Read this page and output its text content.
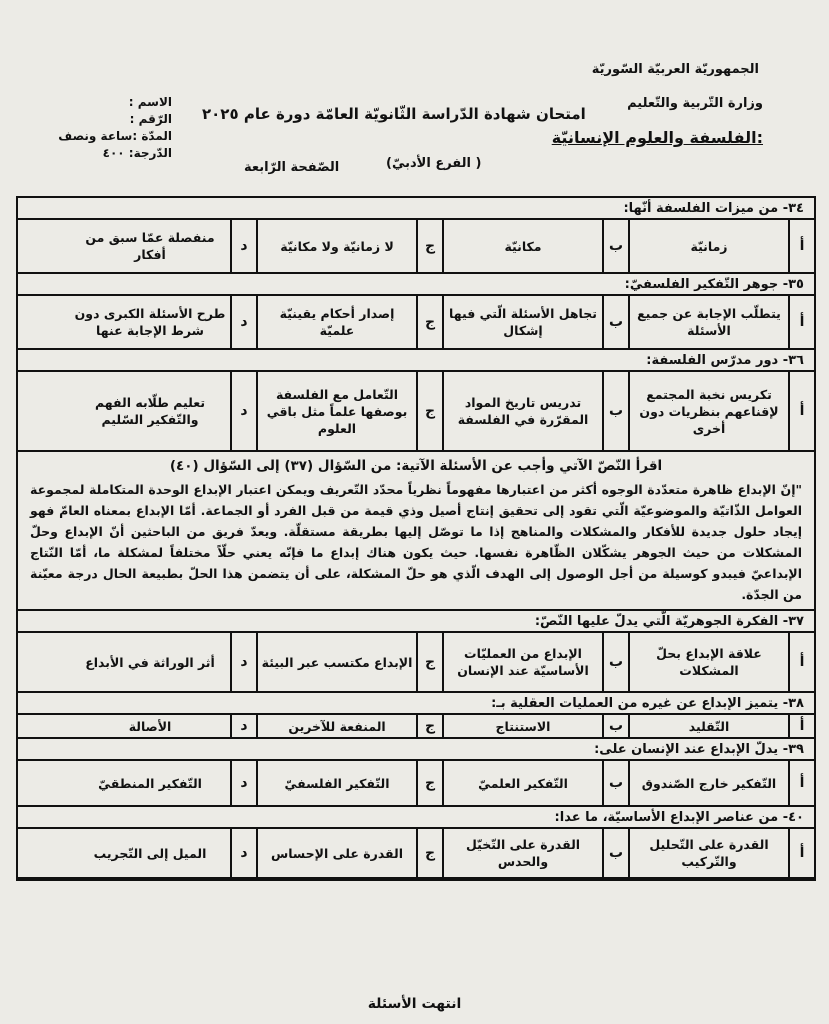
الجمهوريّة العربيّة السّوريّة
وزارة التّربية والتّعليم
امتحان شهادة الدّراسة الثّانويّة العامّة دورة عام ٢٠٢٥
الفلسفة والعلوم الإنسانيّة:
(الفرع الأدبيّ )
الصّفحة الرّابعة
الاسم :
الرّقم :
المدّة :ساعة ونصف
الدّرجة: ٤٠٠
٣٤- من ميزات الفلسفة أنّها:
أ
زمانيّة
ب
مكانيّة
ج
لا زمانيّة ولا مكانيّة
د
منفصلة عمّا سبق من أفكار
٣٥- جوهر التّفكير الفلسفيّ:
أ
يتطلّب الإجابة عن جميع الأسئلة
ب
تجاهل الأسئلة الّتي فيها إشكال
ج
إصدار أحكام يقينيّة علميّة
د
طرح الأسئلة الكبرى دون شرط الإجابة عنها
٣٦- دور مدرّس الفلسفة:
أ
تكريس نخبة المجتمع لإقناعهم بنظريات دون أخرى
ب
تدريس تاريخ المواد المقرّرة في الفلسفة
ج
التّعامل مع الفلسفة بوصفها علماً مثل باقي العلوم
د
تعليم طلّابه الفهم والتّفكير السّليم
اقرأ النّصّ الآتي وأجب عن الأسئلة الآتية: من السّؤال (٣٧) إلى السّؤال (٤٠)
"إنّ الإبداع ظاهرة متعدّدة الوجوه أكثر من اعتبارها مفهوماً نظرياً محدّد التّعريف ويمكن اعتبار الإبداع الوحدة المتكاملة لمجموعة العوامل الذّاتيّة والموضوعيّة الّتي تقود إلى تحقيق إنتاج أصيل وذي قيمة من قبل الفرد أو الجماعة. أمّا الإبداع بمعناه العامّ فهو إيجاد حلول جديدة للأفكار والمشكلات والمناهج إذا ما توصّل إليها بطريقة مستقلّة. ويعدّ فريق من الباحثين أنّ الإبداع وحلّ المشكلات من حيث الجوهر يشكّلان الظّاهرة نفسها. حيث يكون هناك إبداع ما فإنّه يعني حلّاً مختلفاً لمشكلة ما، أمّا النّتاج الإبداعيّ فيبدو كوسيلة من أجل الوصول إلى الهدف الّذي هو حلّ المشكلة، على أن يتضمن هذا الحلّ بطبيعة الحال درجة معيّنة من الجدّة.
٣٧- الفكرة الجوهريّة الّتي يدلّ عليها النّصّ:
أ
علاقة الإبداع بحلّ المشكلات
ب
الإبداع من العمليّات الأساسيّة عند الإنسان
ج
الإبداع مكتسب عبر البيئة
د
أثر الوراثة في الأبداع
٣٨- يتميز الإبداع عن غيره من العمليات العقلية بـ:
أ
التّقليد
ب
الاستنتاج
ج
المنفعة للآخرين
د
الأصالة
٣٩- يدلّ الإبداع عند الإنسان على:
أ
التّفكير خارج الصّندوق
ب
التّفكير العلميّ
ج
التّفكير الفلسفيّ
د
التّفكير المنطقيّ
٤٠- من عناصر الإبداع الأساسيّة، ما عدا:
أ
القدرة على التّحليل والتّركيب
ب
القدرة على التّخيّل والحدس
ج
القدرة على الإحساس
د
الميل إلى التّجريب
انتهت الأسئلة
